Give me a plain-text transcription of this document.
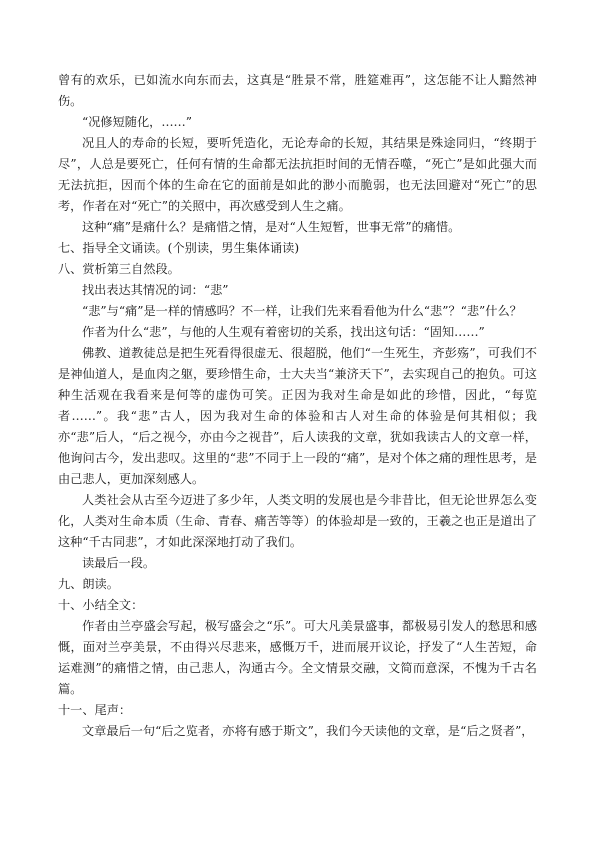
曾有的欢乐，已如流水向东而去，这真是“胜景不常，胜筵难再”，这怎能不让人黯然神伤。

“况修短随化，……”

况且人的寿命的长短，要听凭造化，无论寿命的长短，其结果是殊途同归，“终期于尽”，人总是要死亡，任何有情的生命都无法抗拒时间的无情吞噬，“死亡”是如此强大而无法抗拒，因而个体的生命在它的面前是如此的渺小而脆弱，也无法回避对“死亡”的思考，作者在对“死亡”的关照中，再次感受到人生之痛。

这种“痛”是痛什么？是痛惜之情，是对“人生短暂，世事无常”的痛惜。

七、指导全文诵读。(个别读，男生集体诵读)

八、赏析第三自然段。

找出表达其情况的词：“悲”

“悲”与“痛”是一样的情感吗？不一样，让我们先来看看他为什么“悲”？“悲”什么？

作者为什么“悲”，与他的人生观有着密切的关系，找出这句话：“固知……”

佛教、道教徒总是把生死看得很虚无、很超脱，他们“一生死生，齐彭殇”，可我们不是神仙道人，是血肉之躯，要珍惜生命，士大夫当“兼济天下”，去实现自己的抱负。可这种生活观在我看来是何等的虚伪可笑。正因为我对生命是如此的珍惜，因此，“每览者……”。我“悲”古人，因为我对生命的体验和古人对生命的体验是何其相似；我亦“悲”后人，“后之视今，亦由今之视昔”，后人读我的文章，犹如我读古人的文章一样，他询问古今，发出悲叹。这里的“悲”不同于上一段的“痛”，是对个体之痛的理性思考，是由己悲人，更加深刻感人。

人类社会从古至今迈进了多少年，人类文明的发展也是今非昔比，但无论世界怎么变化，人类对生命本质（生命、青春、痛苦等等）的体验却是一致的，王羲之也正是道出了这种“千古同悲”，才如此深深地打动了我们。

读最后一段。

九、朗读。

十、小结全文：

作者由兰亭盛会写起，极写盛会之“乐”。可大凡美景盛事，都极易引发人的愁思和感慨，面对兰亭美景，不由得兴尽悲来，感慨万千，进而展开议论，抒发了“人生苦短，命运难测”的痛惜之情，由己悲人，沟通古今。全文情景交融，文简而意深，不愧为千古名篇。

十一、尾声：

文章最后一句“后之览者，亦将有感于斯文”，我们今天读他的文章，是“后之贤者”，
